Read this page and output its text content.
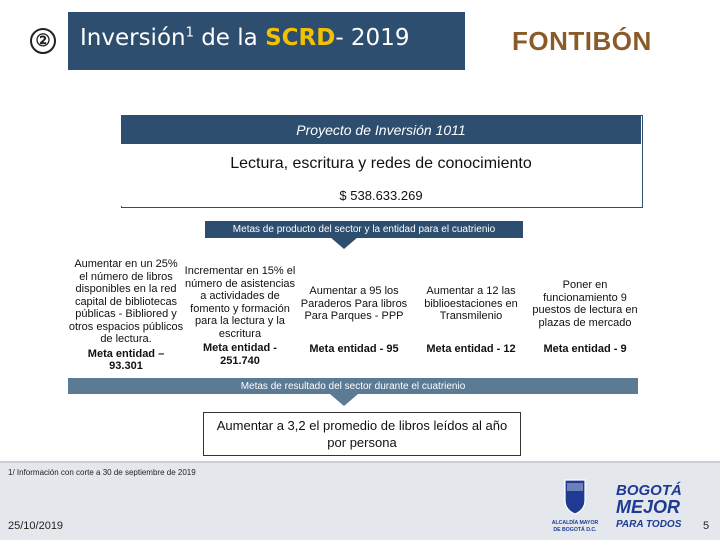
② Inversión$^1$ de la SCRD- 2019	FONTIBÓN
Proyecto de Inversión 1011
Lectura, escritura y redes de conocimiento
$ 538.633.269
Metas de producto del sector y la entidad para el cuatrienio
Aumentar en un 25%
el número de libros
disponibles en la red
capital de bibliotecas
públicas - Bibliored y
otros espacios públicos
de lectura.
Meta entidad –
93.301
Incrementar en 15% el
número de asistencias
a actividades de
fomento y formación
para la lectura y la
escritura
Meta entidad -
251.740
Aumentar a 95 los
Paraderos Para libros
Para Parques - PPP
Meta entidad - 95
Aumentar a 12 las
biblioestaciones en
Transmilenio
Meta entidad - 12
Poner en
funcionamiento 9
puestos de lectura en
plazas de mercado
Meta entidad - 9
Metas de resultado del sector durante el cuatrienio
Aumentar a 3,2 el promedio de libros leídos al año
por persona
1/ Información con corte a 30 de septiembre de 2019
25/10/2019	5
ALCALDÍA MAYOR
DE BOGOTÁ D.C.
BOGOTÁ
MEJOR
PARA TODOS
